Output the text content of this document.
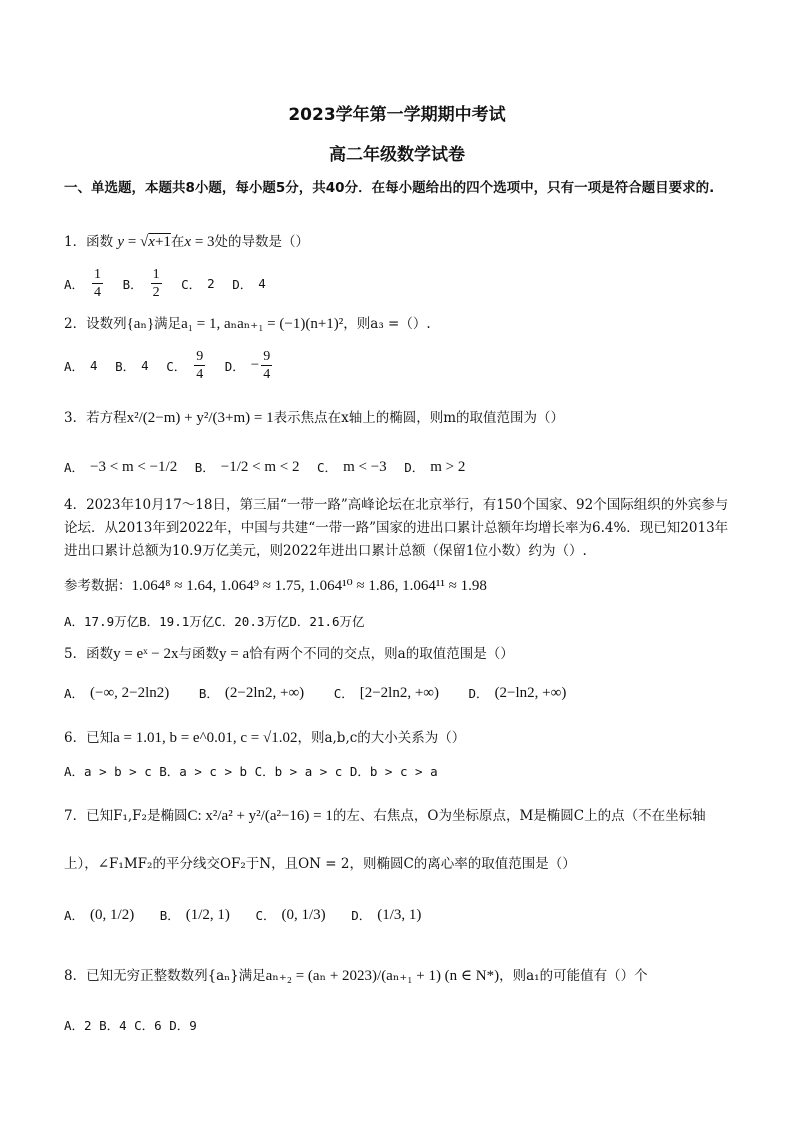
2023学年第一学期期中考试
高二年级数学试卷
一、单选题，本题共8小题，每小题5分，共40分．在每小题给出的四个选项中，只有一项是符合题目要求的.
1．函数 y = √x+1在x = 3处的导数是（）
A． $\frac{1}{4}$
B． $\frac{1}{2}$
C． 2
D． 4
2．设数列{aₙ}满足a₁ = 1, aₙaₙ₊₁ = (−1)(n+1)²，则a₃ =（）.
A． 4
B． 4
C． $\frac{9}{4}$
D． − $\frac{9}{4}$
3．若方程x²/(2−m) + y²/(3+m) = 1表示焦点在x轴上的椭圆，则m的取值范围为（）
A． −3 < m < −1/2
B． −1/2 < m < 2
C． m < −3
D． m > 2
4．2023年10月17～18日，第三届“一带一路”高峰论坛在北京举行，有150个国家、92个国际组织的外宾参与论坛．从2013年到2022年，中国与共建“一带一路”国家的进出口累计总额年均增长率为6.4%．现已知2013年进出口累计总额为10.9万亿美元，则2022年进出口累计总额（保留1位小数）约为（）.
参考数据：1.064⁸ ≈ 1.64, 1.064⁹ ≈ 1.75, 1.064¹⁰ ≈ 1.86, 1.064¹¹ ≈ 1.98
A．17.9万亿B．19.1万亿C．20.3万亿D．21.6万亿
5．函数y = eˣ − 2x与函数y = a恰有两个不同的交点，则a的取值范围是（）
A． (−∞, 2−2ln2)
B． (2−2ln2, +∞)
C． [2−2ln2, +∞)
D． (2−ln2, +∞)
6．已知a = 1.01, b = e^0.01, c = √1.02，则a,b,c的大小关系为（）
A．a > b > c B．a > c > b C．b > a > c D．b > c > a
7．已知F₁,F₂是椭圆C: x²/a² + y²/(a²−16) = 1的左、右焦点，O为坐标原点，M是椭圆C上的点（不在坐标轴
上），∠F₁MF₂的平分线交OF₂于N，且ON = 2，则椭圆C的离心率的取值范围是（）
A． (0, 1/2)
B． (1/2, 1)
C． (0, 1/3)
D． (1/3, 1)
8．已知无穷正整数数列{aₙ}满足aₙ₊₂ = (aₙ + 2023)/(aₙ₊₁ + 1) (n ∈ N*)，则a₁的可能值有（）个
A．2 B．4 C．6 D．9
